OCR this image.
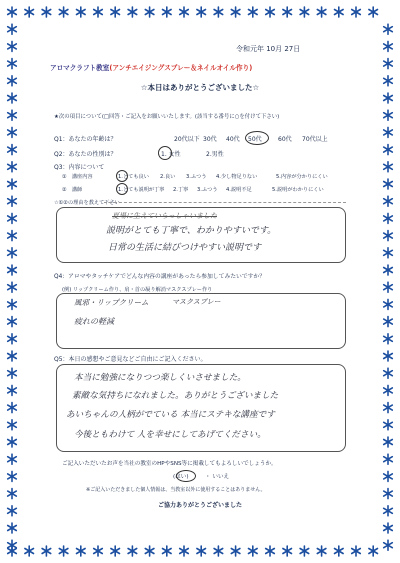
令和元年 10月 27日
アロマクラフト教室(アンチエイジングスプレー＆ネイルオイル作り)
☆本日はありがとうございました☆
★次の項目について(□回答・ご記入をお願いいたします。(該当する番号に○を付けて下さい)
Q1：あなたの年齢は？	20代以下 30代 40代 50代	60代 70代以上
Q2：あなたの性別は？	1. 女性	2.男性
Q3：内容について
①　講座内容	1.とても良い 2.良い 3.ふつう 4.少し物足りない	5.内容が分かりにくい
②　講師	1.とても説明が丁寧 2.丁寧 3.ふつう 4.説明不足	5.説明がわかりにくい
☆①②の理由を教えて下さい
夏場に生えていらっしゃいました
説明がとても丁寧で、わかりやすいです。
日常の生活に結びつけやすい説明です
Q4：アロマやタッチケアでどんな内容の講座があったら参加してみたいですか？
(例) リップクリーム作り、肩・首の凝り解消マスクスプレー作り
風邪・リップクリーム	マスクスプレー
疲れの軽減
Q5：本日の感想やご意見などご自由にご記入ください。
本当に勉強になりつつ楽しくいさせました。
素敵な気持ちになれました。ありがとうございました
あいちゃんの人柄がでている 本当にステキな講座です
今後ともわけて 人を幸せにしてあげてください。
ご記入いただいたお声を当社の教室のHPやSNS等に掲載してもよろしいでしょうか。
(はい)	・ いいえ
※ご記入いただきました個人情報は、当教室以外に使用することはありません。
ご協力ありがとうございました
